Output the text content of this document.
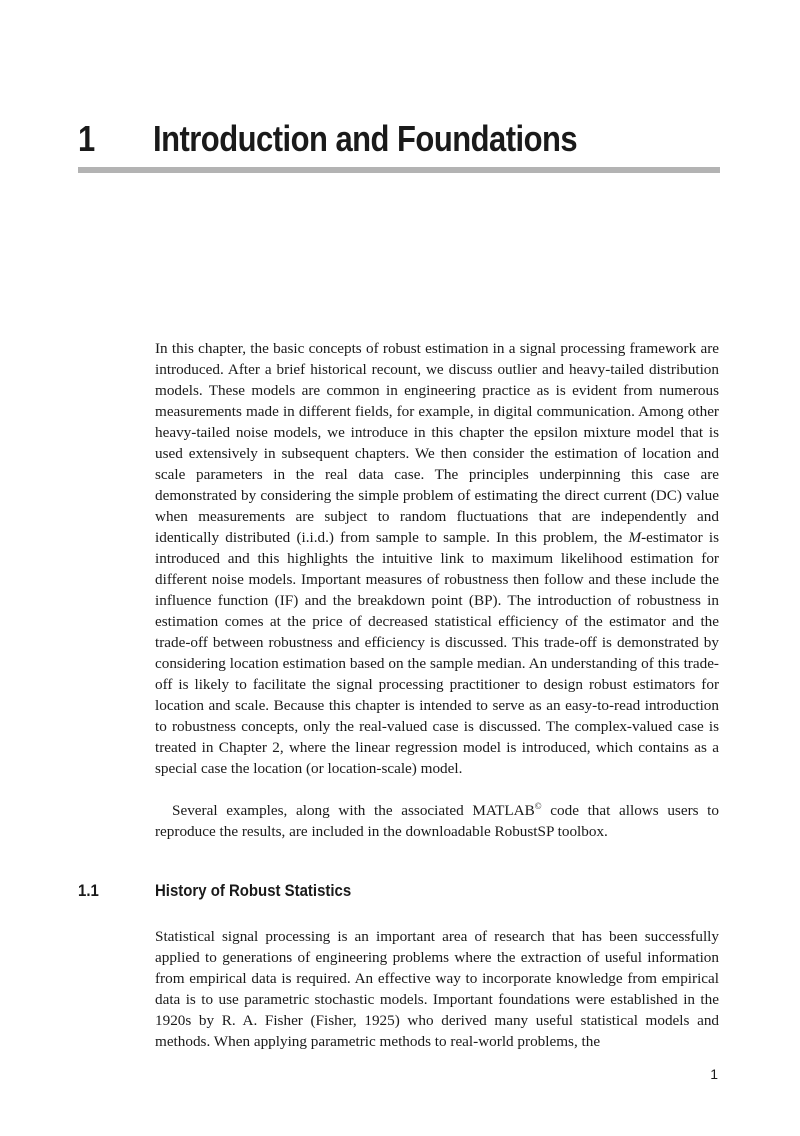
1 Introduction and Foundations

In this chapter, the basic concepts of robust estimation in a signal processing framework are introduced. After a brief historical recount, we discuss outlier and heavy-tailed distribution models. These models are common in engineering practice as is evident from numerous measurements made in different fields, for example, in digital communication. Among other heavy-tailed noise models, we introduce in this chapter the epsilon mixture model that is used extensively in subsequent chapters. We then consider the estimation of location and scale parameters in the real data case. The principles underpinning this case are demonstrated by considering the simple problem of estimating the direct current (DC) value when measurements are subject to random fluctuations that are independently and identically distributed (i.i.d.) from sample to sample. In this problem, the M-estimator is introduced and this highlights the intuitive link to maximum likelihood estimation for different noise models. Important measures of robustness then follow and these include the influence function (IF) and the breakdown point (BP). The introduction of robustness in estimation comes at the price of decreased statistical efficiency of the estimator and the trade-off between robustness and efficiency is discussed. This trade-off is demonstrated by considering location estimation based on the sample median. An understanding of this trade-off is likely to facilitate the signal processing practitioner to design robust estimators for location and scale. Because this chapter is intended to serve as an easy-to-read introduction to robustness concepts, only the real-valued case is discussed. The complex-valued case is treated in Chapter 2, where the linear regression model is introduced, which contains as a special case the location (or location-scale) model.

Several examples, along with the associated MATLAB© code that allows users to reproduce the results, are included in the downloadable RobustSP toolbox.

1.1	History of Robust Statistics

Statistical signal processing is an important area of research that has been successfully applied to generations of engineering problems where the extraction of useful information from empirical data is required. An effective way to incorporate knowledge from empirical data is to use parametric stochastic models. Important foundations were established in the 1920s by R. A. Fisher (Fisher, 1925) who derived many useful statistical models and methods. When applying parametric methods to real-world problems, the

1
